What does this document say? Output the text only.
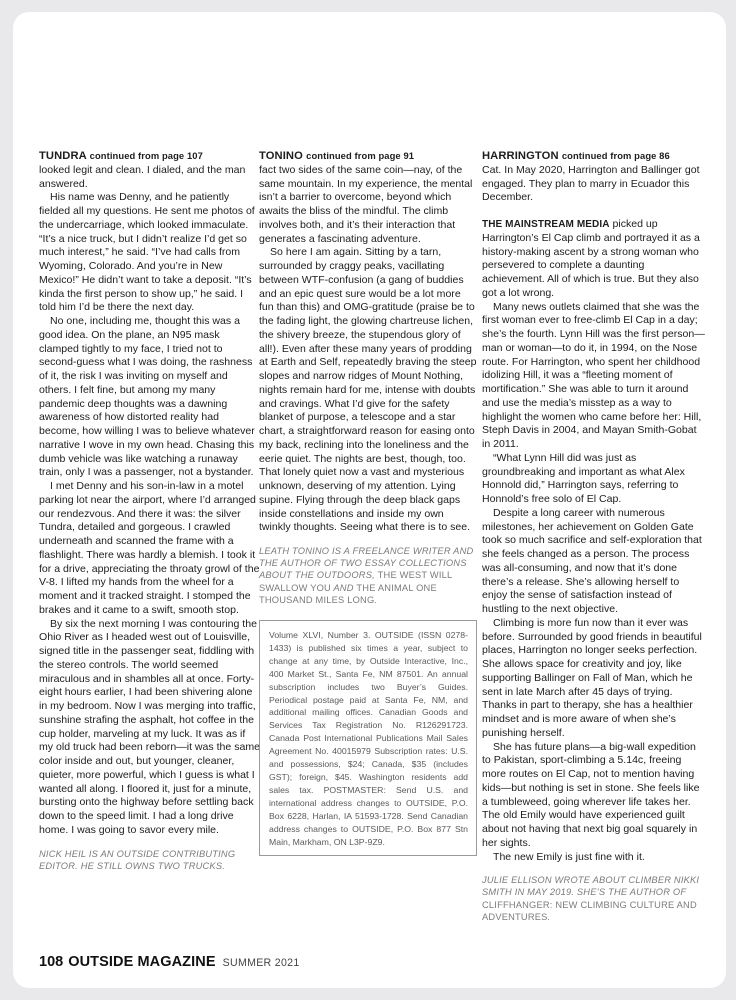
TUNDRA continued from page 107

looked legit and clean. I dialed, and the man answered.

His name was Denny, and he patiently fielded all my questions. He sent me photos of the undercarriage, which looked immaculate. “It’s a nice truck, but I didn’t realize I’d get so much interest,” he said. “I’ve had calls from Wyoming, Colorado. And you’re in New Mexico!” He didn’t want to take a deposit. “It’s kinda the first person to show up,” he said. I told him I’d be there the next day.

No one, including me, thought this was a good idea. On the plane, an N95 mask clamped tightly to my face, I tried not to second-guess what I was doing, the rashness of it, the risk I was inviting on myself and others. I felt fine, but among my many pandemic deep thoughts was a dawning awareness of how distorted reality had become, how willing I was to believe whatever narrative I wove in my own head. Chasing this dumb vehicle was like watching a runaway train, only I was a passenger, not a bystander.

I met Denny and his son-in-law in a motel parking lot near the airport, where I’d arranged our rendezvous. And there it was: the silver Tundra, detailed and gorgeous. I crawled underneath and scanned the frame with a flashlight. There was hardly a blemish. I took it for a drive, appreciating the throaty growl of the V-8. I lifted my hands from the wheel for a moment and it tracked straight. I stomped the brakes and it came to a swift, smooth stop.

By six the next morning I was contouring the Ohio River as I headed west out of Louisville, signed title in the passenger seat, fiddling with the stereo controls. The world seemed miraculous and in shambles all at once. Forty-eight hours earlier, I had been shivering alone in my bedroom. Now I was merging into traffic, sunshine strafing the asphalt, hot coffee in the cup holder, marveling at my luck. It was as if my old truck had been reborn—it was the same color inside and out, but younger, cleaner, quieter, more powerful, which I guess is what I wanted all along. I floored it, just for a minute, bursting onto the highway before settling back down to the speed limit. I had a long drive home. I was going to savor every mile.

NICK HEIL IS AN OUTSIDE CONTRIBUTING EDITOR. HE STILL OWNS TWO TRUCKS.
TONINO continued from page 91

fact two sides of the same coin—nay, of the same mountain. In my experience, the mental isn’t a barrier to overcome, beyond which awaits the bliss of the mindful. The climb involves both, and it’s their interaction that generates a fascinating adventure.

So here I am again. Sitting by a tarn, surrounded by craggy peaks, vacillating between WTF-confusion (a gang of buddies and an epic quest sure would be a lot more fun than this) and OMG-gratitude (praise be to the fading light, the glowing chartreuse lichen, the shivery breeze, the stupendous glory of all!). Even after these many years of prodding at Earth and Self, repeatedly braving the steep slopes and narrow ridges of Mount Nothing, nights remain hard for me, intense with doubts and cravings. What I’d give for the safety blanket of purpose, a telescope and a star chart, a straightforward reason for easing onto my back, reclining into the loneliness and the eerie quiet. The nights are best, though, too. That lonely quiet now a vast and mysterious unknown, deserving of my attention. Lying supine. Flying through the deep black gaps inside constellations and inside my own twinkly thoughts. Seeing what there is to see.

LEATH TONINO IS A FREELANCE WRITER AND THE AUTHOR OF TWO ESSAY COLLECTIONS ABOUT THE OUTDOORS, THE WEST WILL SWALLOW YOU AND THE ANIMAL ONE THOUSAND MILES LONG.
Volume XLVI, Number 3. OUTSIDE (ISSN 0278-1433) is published six times a year, subject to change at any time, by Outside Interactive, Inc., 400 Market St., Santa Fe, NM 87501. An annual subscription includes two Buyer’s Guides. Periodical postage paid at Santa Fe, NM, and additional mailing offices. Canadian Goods and Services Tax Registration No. R126291723. Canada Post International Publications Mail Sales Agreement No. 40015979 Subscription rates: U.S. and possessions, $24; Canada, $35 (includes GST); foreign, $45. Washington residents add sales tax. POSTMASTER: Send U.S. and international address changes to OUTSIDE, P.O. Box 6228, Harlan, IA 51593-1728. Send Canadian address changes to OUTSIDE, P.O. Box 877 Stn Main, Markham, ON L3P-9Z9.
HARRINGTON continued from page 86

Cat. In May 2020, Harrington and Ballinger got engaged. They plan to marry in Ecuador this December.

THE MAINSTREAM MEDIA picked up Harrington’s El Cap climb and portrayed it as a history-making ascent by a strong woman who persevered to complete a daunting achievement. All of which is true. But they also got a lot wrong.

Many news outlets claimed that she was the first woman ever to free-climb El Cap in a day; she’s the fourth. Lynn Hill was the first person—man or woman—to do it, in 1994, on the Nose route. For Harrington, who spent her childhood idolizing Hill, it was a “fleeting moment of mortification.” She was able to turn it around and use the media’s misstep as a way to highlight the women who came before her: Hill, Steph Davis in 2004, and Mayan Smith-Gobat in 2011.

“What Lynn Hill did was just as groundbreaking and important as what Alex Honnold did,” Harrington says, referring to Honnold’s free solo of El Cap.

Despite a long career with numerous milestones, her achievement on Golden Gate took so much sacrifice and self-exploration that she feels changed as a person. The process was all-consuming, and now that it’s done there’s a release. She’s allowing herself to enjoy the sense of satisfaction instead of hustling to the next objective.

Climbing is more fun now than it ever was before. Surrounded by good friends in beautiful places, Harrington no longer seeks perfection. She allows space for creativity and joy, like supporting Ballinger on Fall of Man, which he sent in late March after 45 days of trying. Thanks in part to therapy, she has a healthier mindset and is more aware of when she’s punishing herself.

She has future plans—a big-wall expedition to Pakistan, sport-climbing a 5.14c, freeing more routes on El Cap, not to mention having kids—but nothing is set in stone. She feels like a tumbleweed, going wherever life takes her. The old Emily would have experienced guilt about not having that next big goal squarely in her sights.

The new Emily is just fine with it.

JULIE ELLISON WROTE ABOUT CLIMBER NIKKI SMITH IN MAY 2019. SHE’S THE AUTHOR OF CLIFFHANGER: NEW CLIMBING CULTURE AND ADVENTURES.
108 OUTSIDE MAGAZINE SUMMER 2021
